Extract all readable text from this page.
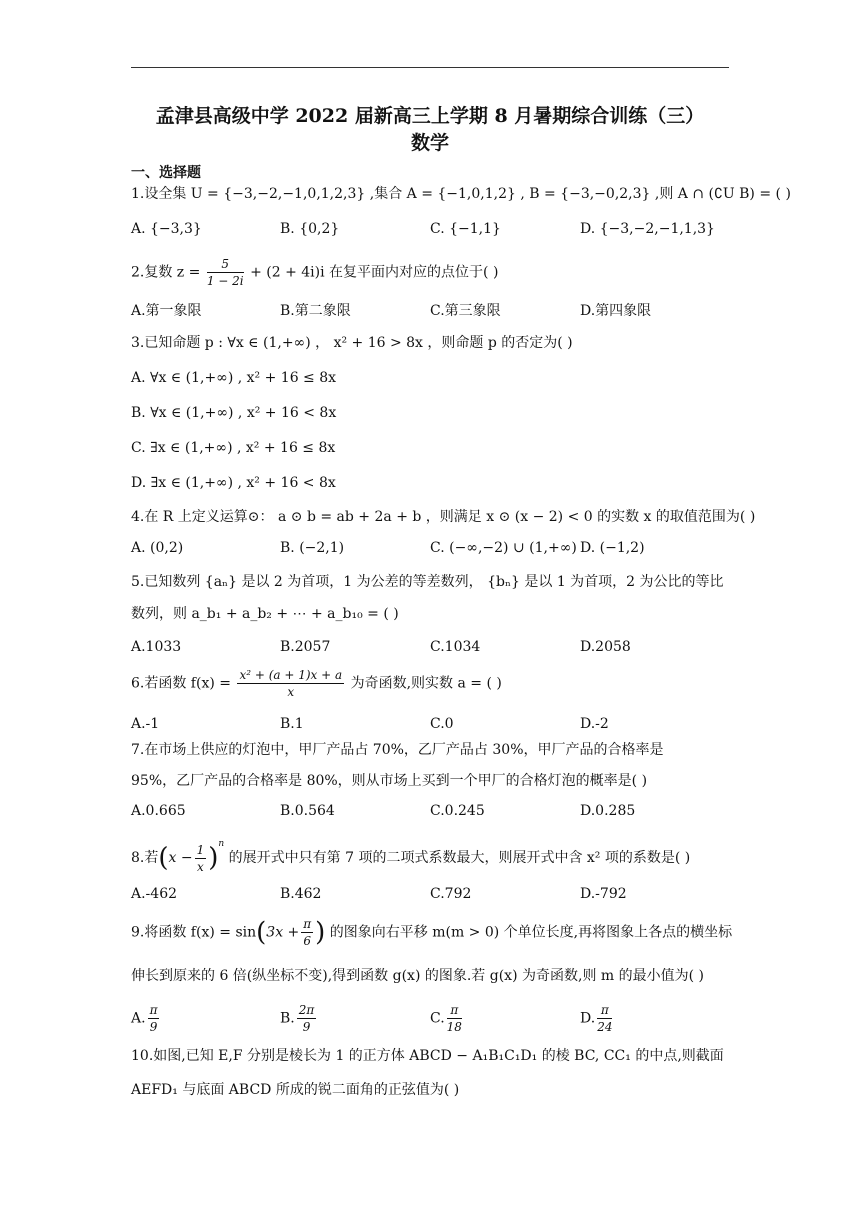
孟津县高级中学 2022 届新高三上学期 8 月暑期综合训练（三）
数学
一、选择题
1.设全集 U = {−3,−2,−1,0,1,2,3} ,集合 A = {−1,0,1,2} , B = {−3,−0,2,3} ,则 A ∩ (∁U B) = ( )
A. {−3,3}	B. {0,2}	C. {−1,1}	D. {−3,−2,−1,1,3}
2.复数 $z = \frac{5}{1 - 2i} + (2 + 4i)i$ 在复平面内对应的点位于( )
A.第一象限	B.第二象限	C.第三象限	D.第四象限
3.已知命题 p : ∀x ∈ (1,+∞) ， x² + 16 > 8x ，则命题 p 的否定为( )
A. ∀x ∈ (1,+∞) , x² + 16 ≤ 8x
B. ∀x ∈ (1,+∞) , x² + 16 < 8x
C. ∃x ∈ (1,+∞) , x² + 16 ≤ 8x
D. ∃x ∈ (1,+∞) , x² + 16 < 8x
4.在 R 上定义运算⊙： a ⊙ b = ab + 2a + b ，则满足 x ⊙ (x − 2) < 0 的实数 x 的取值范围为( )
A. (0,2)	B. (−2,1)	C. (−∞,−2) ∪ (1,+∞) D. (−1,2)
5.已知数列 {aₙ} 是以 2 为首项，1 为公差的等差数列， {bₙ} 是以 1 为首项，2 为公比的等比
数列，则 a_b₁ + a_b₂ + ⋯ + a_b₁₀ = ( )
A.1033	B.2057	C.1034	D.2058
6.若函数 $f(x) = \frac{\text{x² + (a + 1)x + a}}{x}$ 为奇函数,则实数 a = ( )
A.-1	B.1	C.0	D.-2
7.在市场上供应的灯泡中，甲厂产品占 70%，乙厂产品占 30%，甲厂产品的合格率是
95%，乙厂产品的合格率是 80%，则从市场上买到一个甲厂的合格灯泡的概率是( )
A.0.665	B.0.564	C.0.245	D.0.285
8.若$(x - \frac{1}{x} )^n$ 的展开式中只有第 7 项的二项式系数最大，则展开式中含 x² 项的系数是( )
A.-462	B.462	C.792	D.-792
9.将函数 $f(x) = \sin(3x + \frac{\pi}{6}$ ) 的图象向右平移 m(m > 0) 个单位长度,再将图象上各点的横坐标
伸长到原来的 6 倍(纵坐标不变),得到函数 g(x) 的图象.若 g(x) 为奇函数,则 m 的最小值为( )
A. $\frac{\pi}{9}$	B. $\frac{2\pi}{9}$	C. $\frac{\pi}{18}$	D. $\frac{\pi}{24}$
10.如图,已知 E,F 分别是棱长为 1 的正方体 ABCD − A₁B₁C₁D₁ 的棱 BC, CC₁ 的中点,则截面
AEFD₁ 与底面 ABCD 所成的锐二面角的正弦值为( )
